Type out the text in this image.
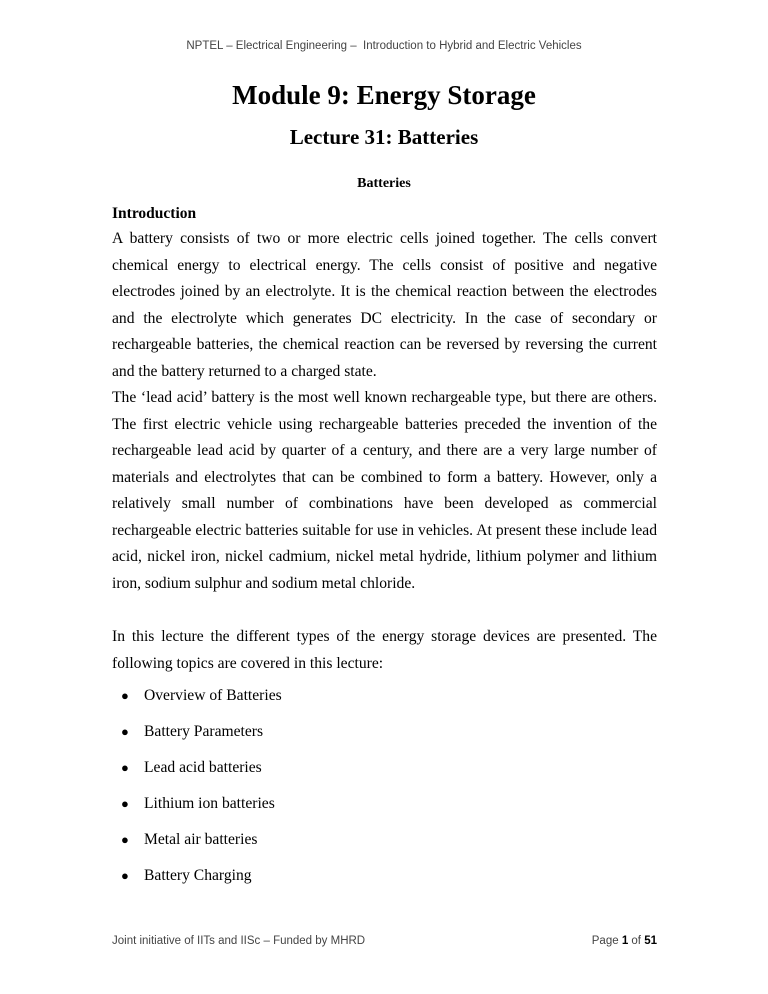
NPTEL – Electrical Engineering –  Introduction to Hybrid and Electric Vehicles
Module 9: Energy Storage
Lecture 31: Batteries
Batteries
Introduction

A battery consists of two or more electric cells joined together. The cells convert chemical energy to electrical energy. The cells consist of positive and negative electrodes joined by an electrolyte. It is the chemical reaction between the electrodes and the electrolyte which generates DC electricity. In the case of secondary or rechargeable batteries, the chemical reaction can be reversed by reversing the current and the battery returned to a charged state.

The ‘lead acid’ battery is the most well known rechargeable type, but there are others. The first electric vehicle using rechargeable batteries preceded the invention of the rechargeable lead acid by quarter of a century, and there are a very large number of materials and electrolytes that can be combined to form a battery. However, only a relatively small number of combinations have been developed as commercial rechargeable electric batteries suitable for use in vehicles. At present these include lead acid, nickel iron, nickel cadmium, nickel metal hydride, lithium polymer and lithium iron, sodium sulphur and sodium metal chloride.

In this lecture the different types of the energy storage devices are presented. The following topics are covered in this lecture:

● Overview of Batteries
● Battery Parameters
● Lead acid batteries
● Lithium ion batteries
● Metal air batteries
● Battery Charging
Joint initiative of IITs and IISc – Funded by MHRD	Page 1 of 51
